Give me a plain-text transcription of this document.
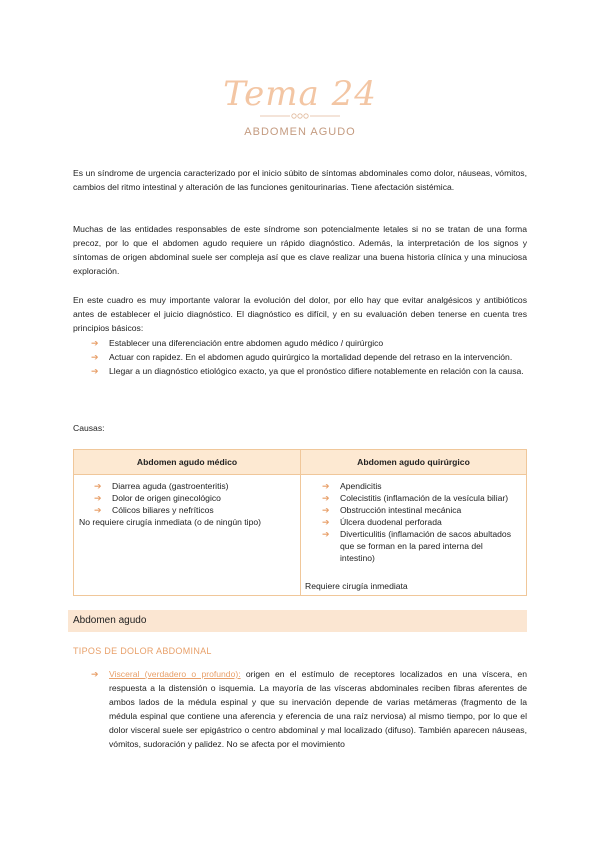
Tema 24
ABDOMEN AGUDO

Es un síndrome de urgencia caracterizado por el inicio súbito de síntomas abdominales como dolor, náuseas, vómitos, cambios del ritmo intestinal y alteración de las funciones genitourinarias. Tiene afectación sistémica.

Muchas de las entidades responsables de este síndrome son potencialmente letales si no se tratan de una forma precoz, por lo que el abdomen agudo requiere un rápido diagnóstico. Además, la interpretación de los signos y síntomas de origen abdominal suele ser compleja así que es clave realizar una buena historia clínica y una minuciosa exploración.

En este cuadro es muy importante valorar la evolución del dolor, por ello hay que evitar analgésicos y antibióticos antes de establecer el juicio diagnóstico. El diagnóstico es difícil, y en su evaluación deben tenerse en cuenta tres principios básicos:

➔ Establecer una diferenciación entre abdomen agudo médico / quirúrgico
➔ Actuar con rapidez. En el abdomen agudo quirúrgico la mortalidad depende del retraso en la intervención.
➔ Llegar a un diagnóstico etiológico exacto, ya que el pronóstico difiere notablemente en relación con la causa.
Causas:
Abdomen agudo médico	Abdomen agudo quirúrgico
➔ Diarrea aguda (gastroenteritis)
➔ Dolor de origen ginecológico
➔ Cólicos biliares y nefríticos
No requiere cirugía inmediata (o de ningún tipo)
➔ Apendicitis
➔ Colecistitis (inflamación de la vesícula biliar)
➔ Obstrucción intestinal mecánica
➔ Úlcera duodenal perforada
➔ Diverticulitis (inflamación de sacos abultados que se forman en la pared interna del intestino)
Requiere cirugía inmediata
Abdomen agudo
TIPOS DE DOLOR ABDOMINAL
➔ Visceral (verdadero o profundo): origen en el estímulo de receptores localizados en una víscera, en respuesta a la distensión o isquemia. La mayoría de las vísceras abdominales reciben fibras aferentes de ambos lados de la médula espinal y que su inervación depende de varias metámeras (fragmento de la médula espinal que contiene una aferencia y eferencia de una raíz nerviosa) al mismo tiempo, por lo que el dolor visceral suele ser epigástrico o centro abdominal y mal localizado (difuso). También aparecen náuseas, vómitos, sudoración y palidez. No se afecta por el movimiento
